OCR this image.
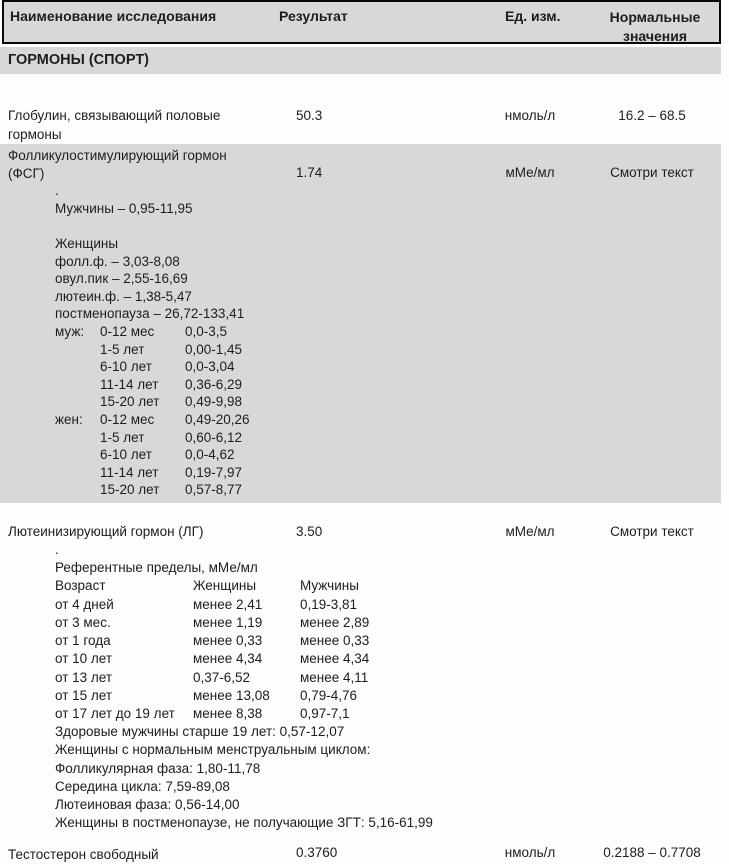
Наименование исследования	Результат	Ед. изм.	Нормальные
значения
ГОРМОНЫ (СПОРТ)
Глобулин, связывающий половые
гормоны
50.3	нмоль/л	16.2 – 68.5
Фолликулостимулирующий гормон
(ФСГ)	1.74	мМе/мл	Смотри текст
.
Мужчины – 0,95-11,95
Женщины
фолл.ф. – 3,03-8,08
овул.пик – 2,55-16,69
лютеин.ф. – 1,38-5,47
постменопауза – 26,72-133,41
муж: 0-12 мес 0,0-3,5
1-5 лет	0,00-1,45
6-10 лет 0,0-3,04
11-14 лет 0,36-6,29
15-20 лет 0,49-9,98
жен: 0-12 мес 0,49-20,26
1-5 лет	0,60-6,12
6-10 лет 0,0-4,62
11-14 лет 0,19-7,97
15-20 лет 0,57-8,77
Лютеинизирующий гормон (ЛГ)	3.50	мМе/мл	Смотри текст
.
Референтные пределы, мМе/мл
Возраст	Женщины	Мужчины
от 4 дней	менее 2,41	0,19-3,81
от 3 мес.	менее 1,19	менее 2,89
от 1 года	менее 0,33	менее 0,33
от 10 лет	менее 4,34	менее 4,34
от 13 лет	0,37-6,52	менее 4,11
от 15 лет	менее 13,08 0,79-4,76
от 17 лет до 19 лет менее 8,38	0,97-7,1
Здоровые мужчины старше 19 лет: 0,57-12,07
Женщины с нормальным менструальным циклом:
Фолликулярная фаза: 1,80-11,78
Середина цикла: 7,59-89,08
Лютеиновая фаза: 0,56-14,00
Женщины в постменопаузе, не получающие ЗГТ: 5,16-61,99
Тестостерон свободный	0.3760	нмоль/л	0.2188 – 0.7708
